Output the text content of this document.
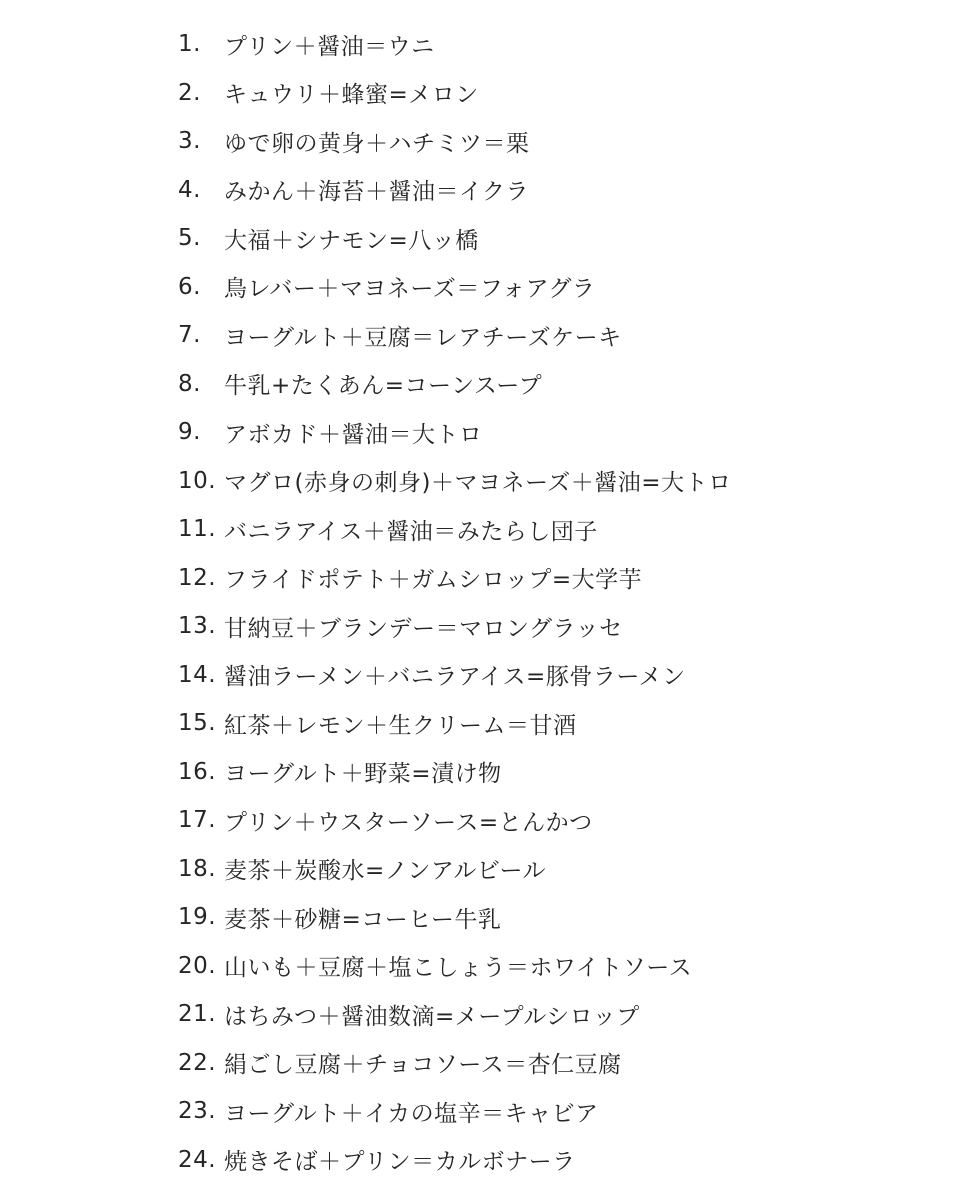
1.	プリン＋醤油＝ウニ
2.	キュウリ＋蜂蜜=メロン
3.	ゆで卵の黄身＋ハチミツ＝栗
4.	みかん＋海苔＋醤油＝イクラ
5.	大福＋シナモン=八ッ橋
6.	鳥レバー＋マヨネーズ＝フォアグラ
7.	ヨーグルト＋豆腐＝レアチーズケーキ
8.	牛乳+たくあん=コーンスープ
9.	アボカド＋醤油＝大トロ
10. マグロ(赤身の刺身)＋マヨネーズ＋醤油=大トロ
11. バニラアイス＋醤油＝みたらし団子
12. フライドポテト＋ガムシロップ=大学芋
13. 甘納豆＋ブランデー＝マロングラッセ
14. 醤油ラーメン＋バニラアイス=豚骨ラーメン
15. 紅茶＋レモン＋生クリーム＝甘酒
16. ヨーグルト＋野菜=漬け物
17. プリン＋ウスターソース=とんかつ
18. 麦茶＋炭酸水=ノンアルビール
19. 麦茶＋砂糖=コーヒー牛乳
20. 山いも＋豆腐＋塩こしょう＝ホワイトソース
21. はちみつ＋醤油数滴=メープルシロップ
22. 絹ごし豆腐＋チョコソース＝杏仁豆腐
23. ヨーグルト＋イカの塩辛＝キャビア
24. 焼きそば＋プリン＝カルボナーラ
